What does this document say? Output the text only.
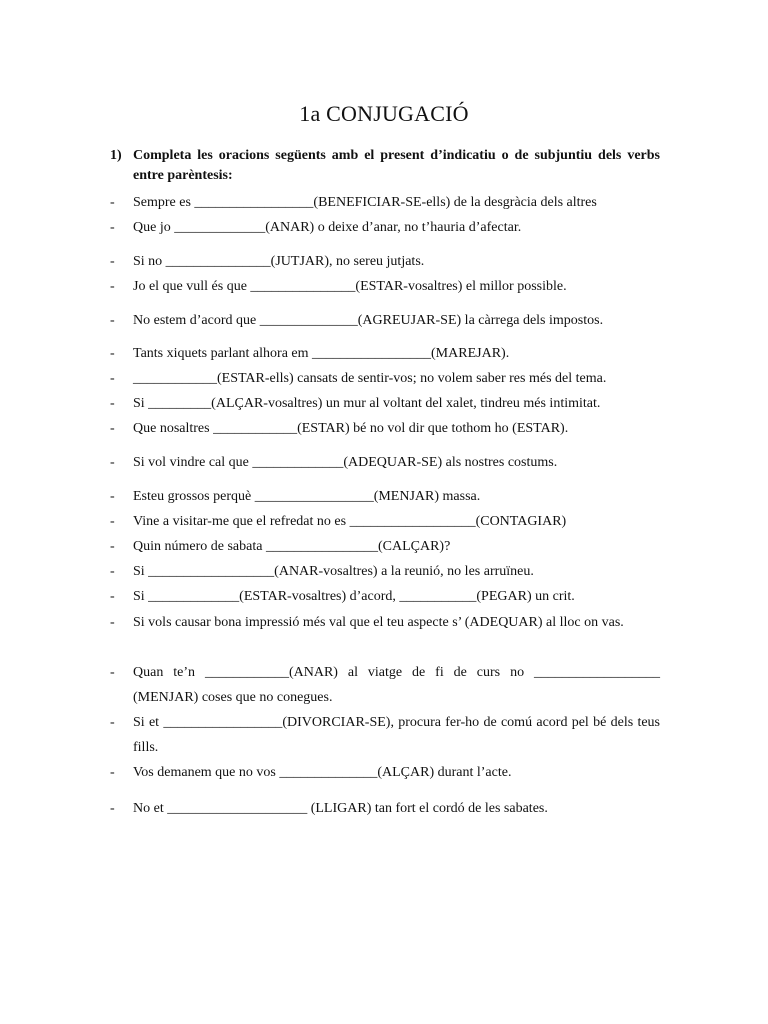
1a CONJUGACIÓ
1) Completa les oracions següents amb el present d’indicatiu o de subjuntiu dels verbs entre parèntesis:
- Sempre es _________________(BENEFICIAR-SE-ells) de la desgràcia dels altres
- Que jo _____________(ANAR) o deixe d’anar, no t’hauria d’afectar.
- Si no _______________(JUTJAR), no sereu jutjats.
- Jo el que vull és que _______________(ESTAR-vosaltres) el millor possible.
- No estem d’acord que ______________(AGREUJAR-SE) la càrrega dels impostos.
- Tants xiquets parlant alhora em _________________(MAREJAR).
- ____________(ESTAR-ells) cansats de sentir-vos; no volem saber res més del tema.
- Si _________(ALÇAR-vosaltres) un mur al voltant del xalet, tindreu més intimitat.
- Que nosaltres ____________(ESTAR) bé no vol dir que tothom ho (ESTAR).
- Si vol vindre cal que _____________(ADEQUAR-SE) als nostres costums.
- Esteu grossos perquè _________________(MENJAR) massa.
- Vine a visitar-me que el refredat no es __________________(CONTAGIAR)
- Quin número de sabata ________________(CALÇAR)?
- Si __________________(ANAR-vosaltres) a la reunió, no les arruïneu.
- Si _____________(ESTAR-vosaltres) d’acord, ___________(PEGAR) un crit.
- Si vols causar bona impressió més val que el teu aspecte s’ (ADEQUAR) al lloc on vas.
- Quan te’n ____________(ANAR) al viatge de fi de curs no __________________ (MENJAR) coses que no conegues.
- Si et _________________(DIVORCIAR-SE), procura fer-ho de comú acord pel bé dels teus fills.
- Vos demanem que no vos ______________(ALÇAR) durant l’acte.
- No et ____________________ (LLIGAR) tan fort el cordó de les sabates.
